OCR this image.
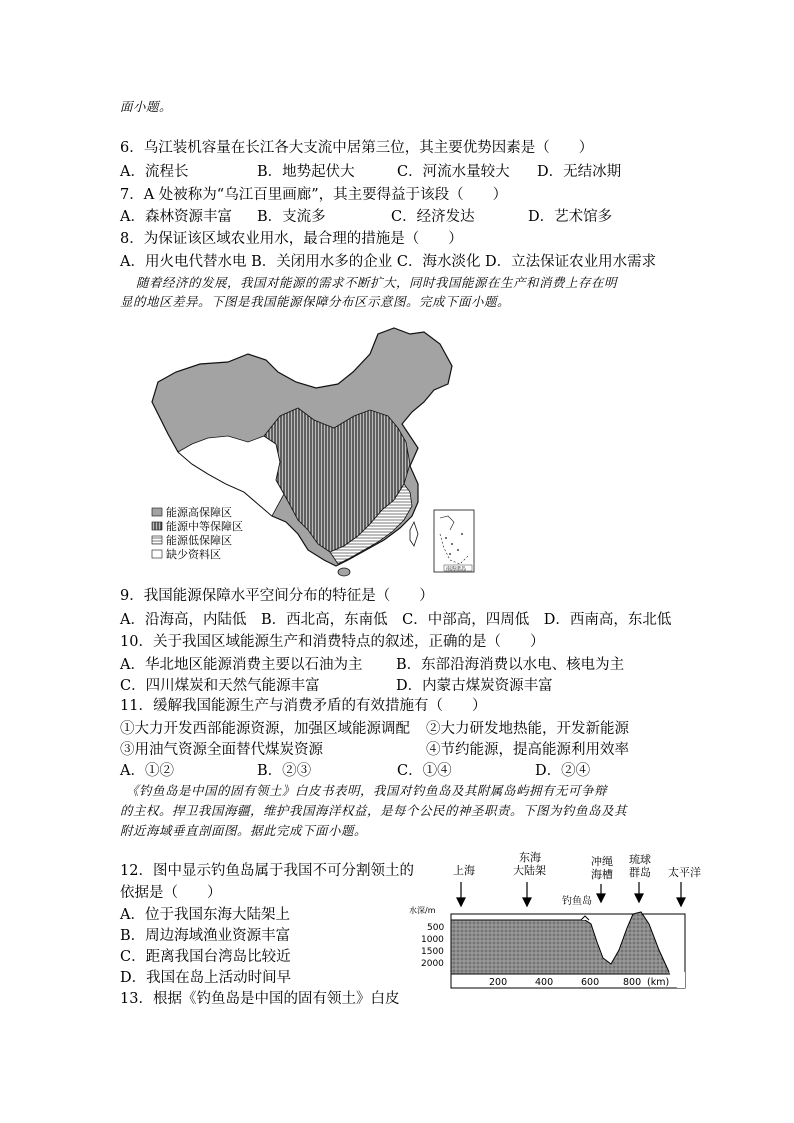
面小题。
6．乌江装机容量在长江各大支流中居第三位，其主要优势因素是（　　）
A．流程长	B．地势起伏大	C．河流水量较大 D．无结冰期
7．A 处被称为“乌江百里画廊”，其主要得益于该段（　　）
A．森林资源丰富 B．支流多	C．经济发达	D．艺术馆多
8．为保证该区域农业用水，最合理的措施是（　　）
A．用火电代替水电 B．关闭用水多的企业 C．海水淡化 D．立法保证农业用水需求
随着经济的发展，我国对能源的需求不断扩大，同时我国能源在生产和消费上存在明
显的地区差异。下图是我国能源保障分布区示意图。完成下面小题。
能源高保障区
能源中等保障区
能源低保障区
缺少资料区
南海诸岛
9．我国能源保障水平空间分布的特征是（　　）
A．沿海高，内陆低　B．西北高，东南低　C．中部高，四周低　D．西南高，东北低
10．关于我国区域能源生产和消费特点的叙述，正确的是（　　）
A．华北地区能源消费主要以石油为主 B．东部沿海消费以水电、核电为主
C．四川煤炭和天然气能源丰富	D．内蒙古煤炭资源丰富
11．缓解我国能源生产与消费矛盾的有效措施有（　　）
①大力开发西部能源资源，加强区域能源调配 ②大力研发地热能，开发新能源
③用油气资源全面替代煤炭资源	④节约能源，提高能源利用效率
A．①②	B．②③	C．①④	D．②④
《钓鱼岛是中国的固有领土》白皮书表明，我国对钓鱼岛及其附属岛屿拥有无可争辩
的主权。捍卫我国海疆，维护我国海洋权益，是每个公民的神圣职责。下图为钓鱼岛及其
附近海域垂直剖面图。据此完成下面小题。
12．图中显示钓鱼岛属于我国不可分割领土的
依据是（　　）
A．位于我国东海大陆架上
B．周边海域渔业资源丰富
C．距离我国台湾岛比较近
D．我国在岛上活动时间早
13．根据《钓鱼岛是中国的固有领土》白皮
上海
东海
大陆架
冲绳
海槽
琉球
群岛 太平洋
钓鱼岛
水深/m
500
1000
1500
2000
200	400	600	800 (km)
